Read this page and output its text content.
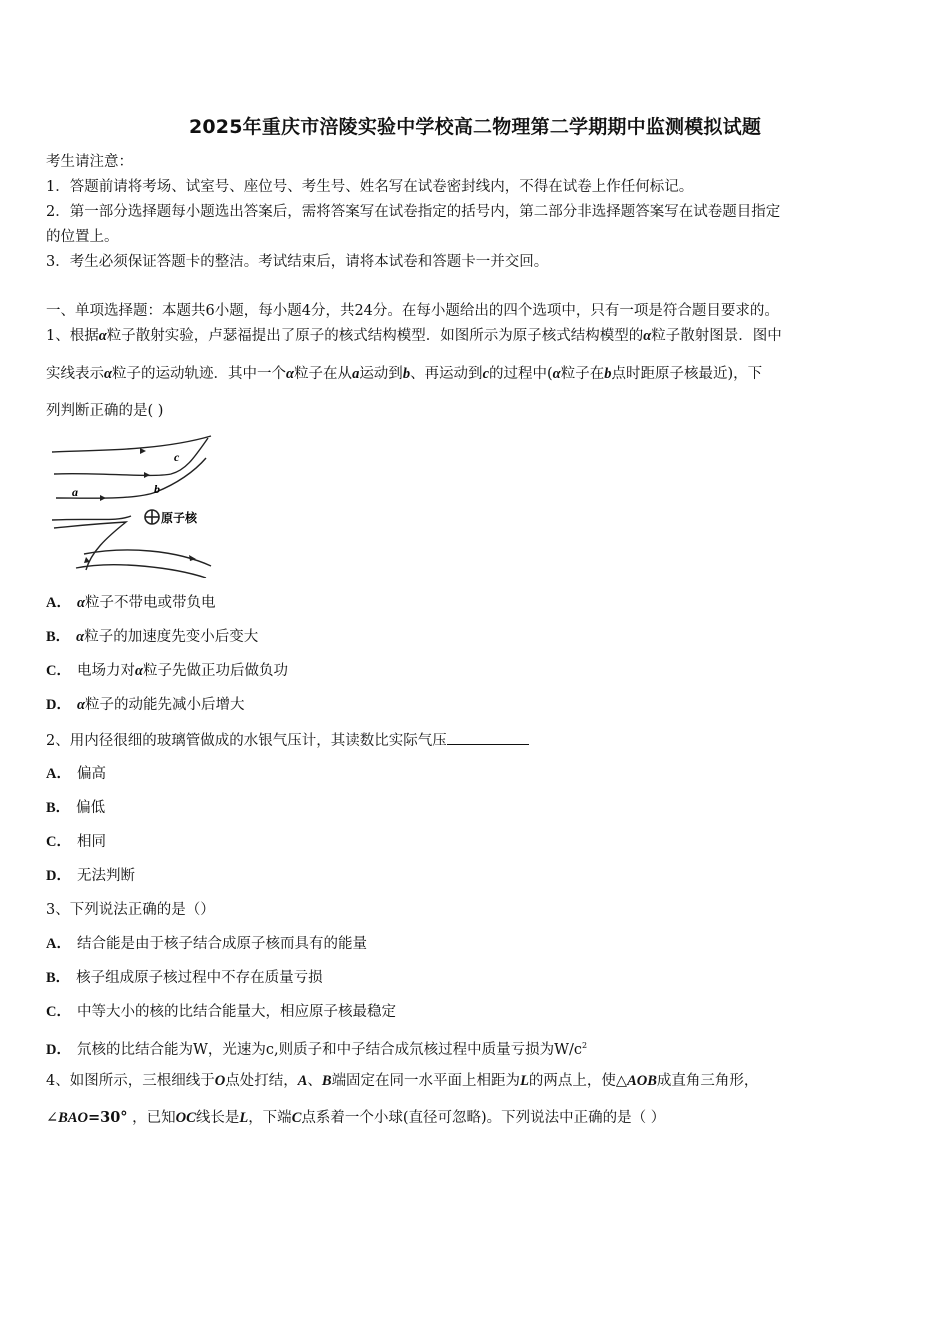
2025年重庆市涪陵实验中学校高二物理第二学期期中监测模拟试题
考生请注意：
1．答题前请将考场、试室号、座位号、考生号、姓名写在试卷密封线内，不得在试卷上作任何标记。
2．第一部分选择题每小题选出答案后，需将答案写在试卷指定的括号内，第二部分非选择题答案写在试卷题目指定
的位置上。
3．考生必须保证答题卡的整洁。考试结束后，请将本试卷和答题卡一并交回。
一、单项选择题：本题共6小题，每小题4分，共24分。在每小题给出的四个选项中，只有一项是符合题目要求的。
1、根据α粒子散射实验，卢瑟福提出了原子的核式结构模型．如图所示为原子核式结构模型的α粒子散射图景．图中
实线表示α粒子的运动轨迹．其中一个α粒子在从a运动到b、再运动到c的过程中(α粒子在b点时距原子核最近)，下
列判断正确的是( )
原子核
a	b
c
A． α粒子不带电或带负电
B． α粒子的加速度先变小后变大
C． 电场力对α粒子先做正功后做负功
D． α粒子的动能先减小后增大
2、用内径很细的玻璃管做成的水银气压计，其读数比实际气压
A． 偏高
B． 偏低
C． 相同
D． 无法判断
3、下列说法正确的是（）
A． 结合能是由于核子结合成原子核而具有的能量
B． 核子组成原子核过程中不存在质量亏损
C． 中等大小的核的比结合能量大，相应原子核最稳定
D． 氘核的比结合能为W，光速为c,则质子和中子结合成氘核过程中质量亏损为$W/c^2$
4、如图所示，三根细线于O点处打结，A、B端固定在同一水平面上相距为L的两点上，使△AOB成直角三角形，
∠BAO=30° ，已知OC线长是L，下端C点系着一个小球(直径可忽略)。下列说法中正确的是（ ）
